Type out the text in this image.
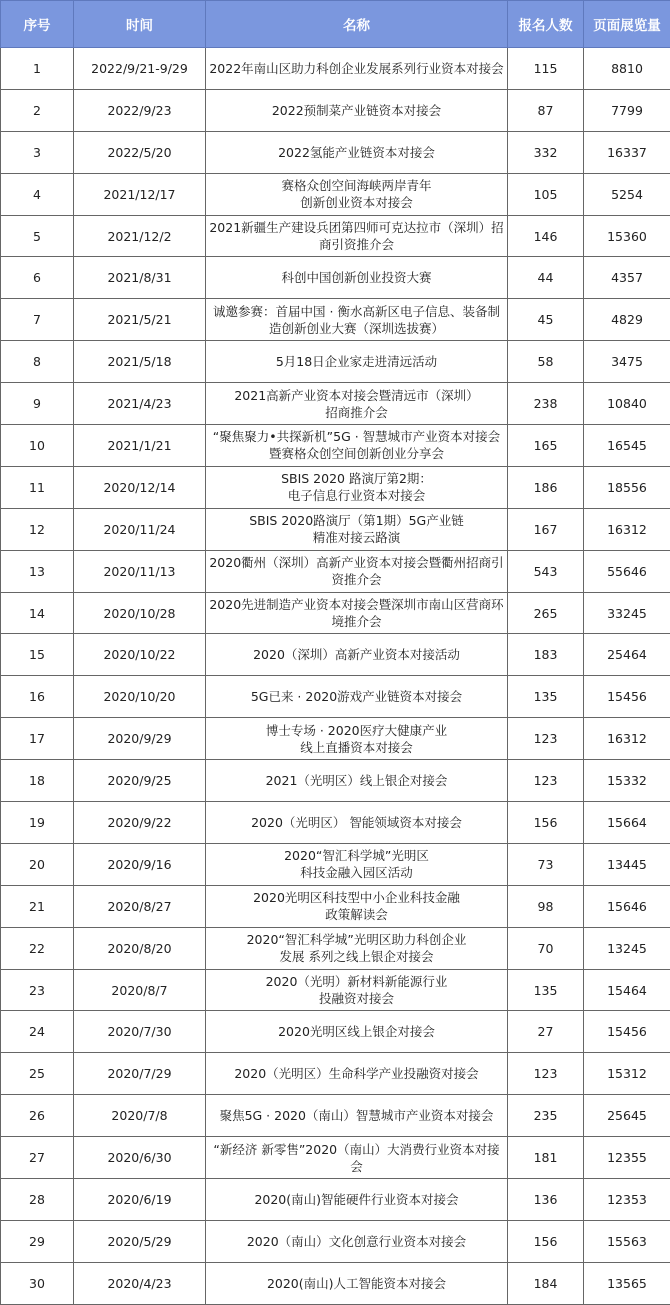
序号	时间	名称	报名人数	页面展览量
1	2022/9/21-9/29	2022年南山区助力科创企业发展系列行业资本对接会	115	8810
2	2022/9/23	2022预制菜产业链资本对接会	87	7799
3	2022/5/20	2022氢能产业链资本对接会	332	16337
4	2021/12/17	赛格众创空间海峡两岸青年
创新创业资本对接会	105	5254
5	2021/12/2	2021新疆生产建设兵团第四师可克达拉市（深圳）招商引资推介会	146	15360
6	2021/8/31	科创中国创新创业投资大赛	44	4357
7	2021/5/21	诚邀参赛：首届中国 · 衡水高新区电子信息、装备制造创新创业大赛（深圳选拔赛）	45	4829
8	2021/5/18	5月18日企业家走进清远活动	58	3475
9	2021/4/23	2021高新产业资本对接会暨清远市（深圳）
招商推介会	238	10840
10	2021/1/21	“聚焦聚力•共探新机”5G · 智慧城市产业资本对接会暨赛格众创空间创新创业分享会	165	16545
11	2020/12/14	SBIS 2020 路演厅第2期：
电子信息行业资本对接会	186	18556
12	2020/11/24	SBIS 2020路演厅（第1期）5G产业链
精准对接云路演	167	16312
13	2020/11/13	2020衢州（深圳）高新产业资本对接会暨衢州招商引资推介会	543	55646
14	2020/10/28	2020先进制造产业资本对接会暨深圳市南山区营商环境推介会	265	33245
15	2020/10/22	2020（深圳）高新产业资本对接活动	183	25464
16	2020/10/20	5G已来 · 2020游戏产业链资本对接会	135	15456
17	2020/9/29	博士专场 · 2020医疗大健康产业
线上直播资本对接会	123	16312
18	2020/9/25	2021（光明区）线上银企对接会	123	15332
19	2020/9/22	2020（光明区） 智能领域资本对接会	156	15664
20	2020/9/16	2020“智汇科学城”光明区
科技金融入园区活动	73	13445
21	2020/8/27	2020光明区科技型中小企业科技金融
政策解读会	98	15646
22	2020/8/20	2020“智汇科学城”光明区助力科创企业
发展 系列之线上银企对接会	70	13245
23	2020/8/7	2020（光明）新材料新能源行业
投融资对接会	135	15464
24	2020/7/30	2020光明区线上银企对接会	27	15456
25	2020/7/29	2020（光明区）生命科学产业投融资对接会	123	15312
26	2020/7/8	聚焦5G · 2020（南山）智慧城市产业资本对接会	235	25645
27	2020/6/30	“新经济 新零售”2020（南山）大消费行业资本对接会	181	12355
28	2020/6/19	2020(南山)智能硬件行业资本对接会	136	12353
29	2020/5/29	2020（南山）文化创意行业资本对接会	156	15563
30	2020/4/23	2020(南山)人工智能资本对接会	184	13565
